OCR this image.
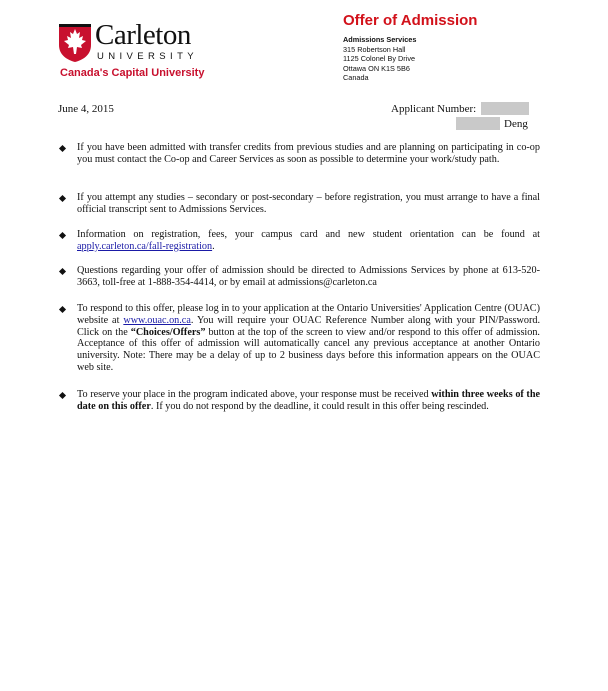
Carleton
UNIVERSITY
Canada's Capital University
Offer of Admission
Admissions Services
315 Robertson Hall
1125 Colonel By Drive
Ottawa ON K1S 5B6
Canada
June 4, 2015	Applicant Number:
Deng
If you have been admitted with transfer credits from previous studies and are planning on participating in co-op you must contact the Co-op and Career Services as soon as possible to determine your work/study path.
If you attempt any studies – secondary or post-secondary – before registration, you must arrange to have a final official transcript sent to Admissions Services.
Information on registration, fees, your campus card and new student orientation can be found at apply.carleton.ca/fall-registration.
Questions regarding your offer of admission should be directed to Admissions Services by phone at 613-520-3663, toll-free at 1-888-354-4414, or by email at admissions@carleton.ca
To respond to this offer, please log in to your application at the Ontario Universities' Application Centre (OUAC) website at www.ouac.on.ca. You will require your OUAC Reference Number along with your PIN/Password. Click on the “Choices/Offers” button at the top of the screen to view and/or respond to this offer of admission. Acceptance of this offer of admission will automatically cancel any previous acceptance at another Ontario university. Note: There may be a delay of up to 2 business days before this information appears on the OUAC web site.
To reserve your place in the program indicated above, your response must be received within three weeks of the date on this offer. If you do not respond by the deadline, it could result in this offer being rescinded.
